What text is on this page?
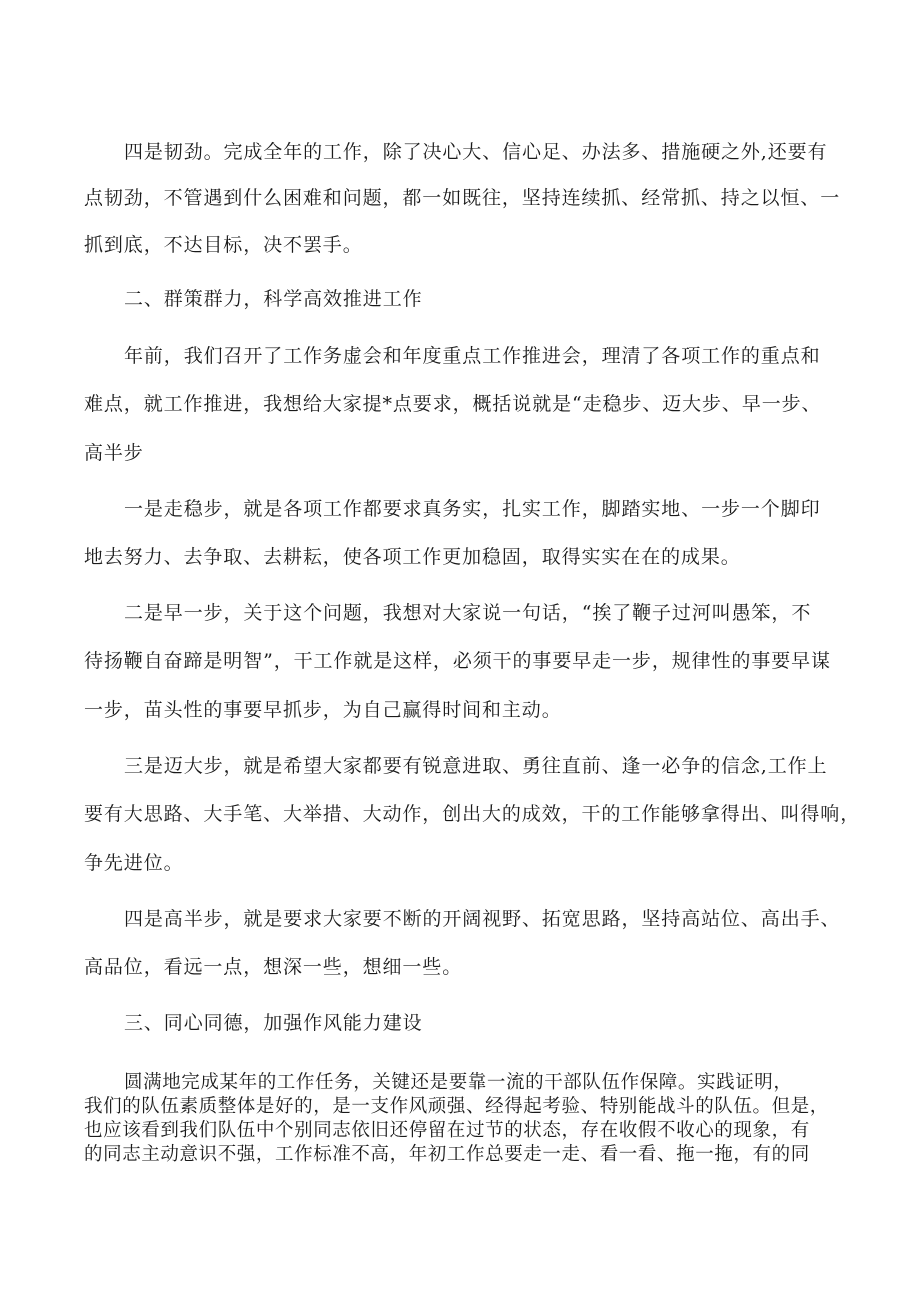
四是韧劲。完成全年的工作，除了决心大、信心足、办法多、措施硬之外,还要有
点韧劲，不管遇到什么困难和问题，都一如既往，坚持连续抓、经常抓、持之以恒、一
抓到底，不达目标，决不罢手。
二、群策群力，科学高效推进工作
年前，我们召开了工作务虚会和年度重点工作推进会，理清了各项工作的重点和
难点，就工作推进，我想给大家提*点要求，概括说就是“走稳步、迈大步、早一步、
高半步
一是走稳步，就是各项工作都要求真务实，扎实工作，脚踏实地、一步一个脚印
地去努力、去争取、去耕耘，使各项工作更加稳固，取得实实在在的成果。
二是早一步，关于这个问题，我想对大家说一句话，“挨了鞭子过河叫愚笨，不
待扬鞭自奋蹄是明智”，干工作就是这样，必须干的事要早走一步，规律性的事要早谋
一步，苗头性的事要早抓步，为自己赢得时间和主动。
三是迈大步，就是希望大家都要有锐意进取、勇往直前、逢一必争的信念,工作上
要有大思路、大手笔、大举措、大动作，创出大的成效，干的工作能够拿得出、叫得响，
争先进位。
四是高半步，就是要求大家要不断的开阔视野、拓宽思路，坚持高站位、高出手、
高品位，看远一点，想深一些，想细一些。
三、同心同德，加强作风能力建设
圆满地完成某年的工作任务，关键还是要靠一流的干部队伍作保障。实践证明，
我们的队伍素质整体是好的，是一支作风顽强、经得起考验、特别能战斗的队伍。但是，
也应该看到我们队伍中个别同志依旧还停留在过节的状态，存在收假不收心的现象，有
的同志主动意识不强，工作标准不高，年初工作总要走一走、看一看、拖一拖，有的同
